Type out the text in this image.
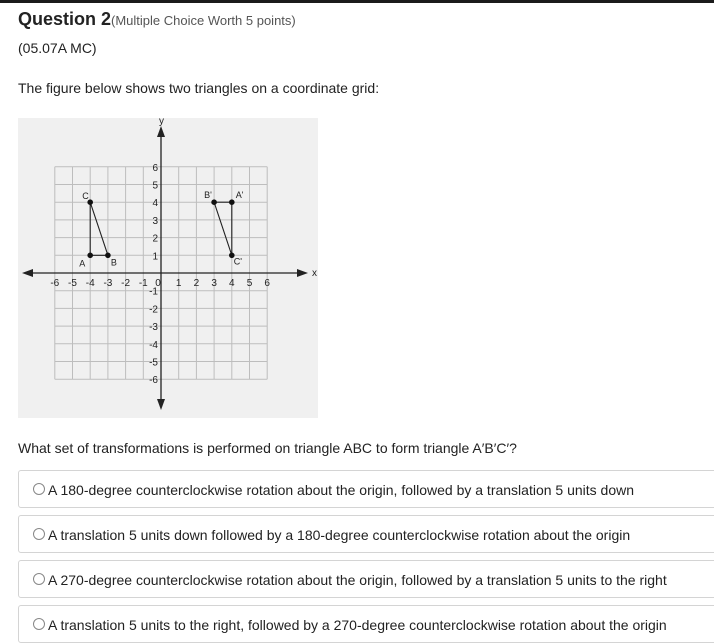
Question 2(Multiple Choice Worth 5 points)
(05.07A MC)
The figure below shows two triangles on a coordinate grid:
x
y
-6 -5 -4 -3 -2 -1 0 1 2 3 4 5 6
6
5
4
3
2
1
-1
-2
-3
-4
-5
-6
A	B
C	A'
B'
C'
What set of transformations is performed on triangle ABC to form triangle A′B′C′?
A 180-degree counterclockwise rotation about the origin, followed by a translation 5 units down
A translation 5 units down followed by a 180-degree counterclockwise rotation about the origin
A 270-degree counterclockwise rotation about the origin, followed by a translation 5 units to the right
A translation 5 units to the right, followed by a 270-degree counterclockwise rotation about the origin
